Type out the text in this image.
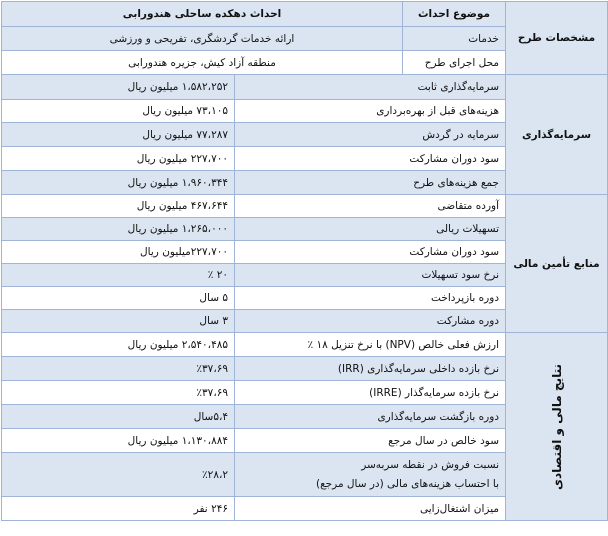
مشخصات طرح	موضوع احداث	احداث دهکده ساحلی هندورابی	
	خدمات	ارائه خدمات گردشگری، تفریحی و ورزشی	
	محل اجرای طرح	منطقه آزاد کیش، جزیره هندورابی	
سرمایه‌گذاری	سرمایه‌گذاری ثابت		۱،۵۸۲،۲۵۲ میلیون ریال
	هزینه‌های قبل از بهره‌برداری		۷۳،۱۰۵ میلیون ریال
	سرمایه در گردش		۷۷،۲۸۷ میلیون ریال
	سود دوران مشارکت		۲۲۷،۷۰۰ میلیون ریال
	جمع هزینه‌های طرح		۱،۹۶۰،۳۴۴ میلیون ریال
منابع تأمین مالی	آورده متقاضی		۴۶۷،۶۴۴ میلیون ریال
	تسهیلات ریالی		۱،۲۶۵،۰۰۰ میلیون ریال
	سود دوران مشارکت		۲۲۷،۷۰۰میلیون ریال
	نرخ سود تسهیلات		۲۰ ٪
	دوره بازپرداخت		۵ سال
	دوره مشارکت		۳ سال

نتایج مالی و اقتصادی	ارزش فعلی خالص (NPV) با نرخ تنزیل ۱۸ ٪		۲،۵۴۰،۴۸۵ میلیون ریال
	نرخ بازده داخلی سرمایه‌گذاری (IRR)		٪۳۷،۶۹
	نرخ بازده سرمایه‌گذار (IRRE)		٪۳۷،۶۹
	دوره بازگشت سرمایه‌گذاری		۵،۴سال
	سود خالص در سال مرجع		۱،۱۳۰،۸۸۴ میلیون ریال
	نسبت فروش در نقطه سربه‌سر
با احتساب هزینه‌های مالی (در سال مرجع)		٪۲۸،۲
	میزان اشتغال‌زایی		۲۴۶ نفر
